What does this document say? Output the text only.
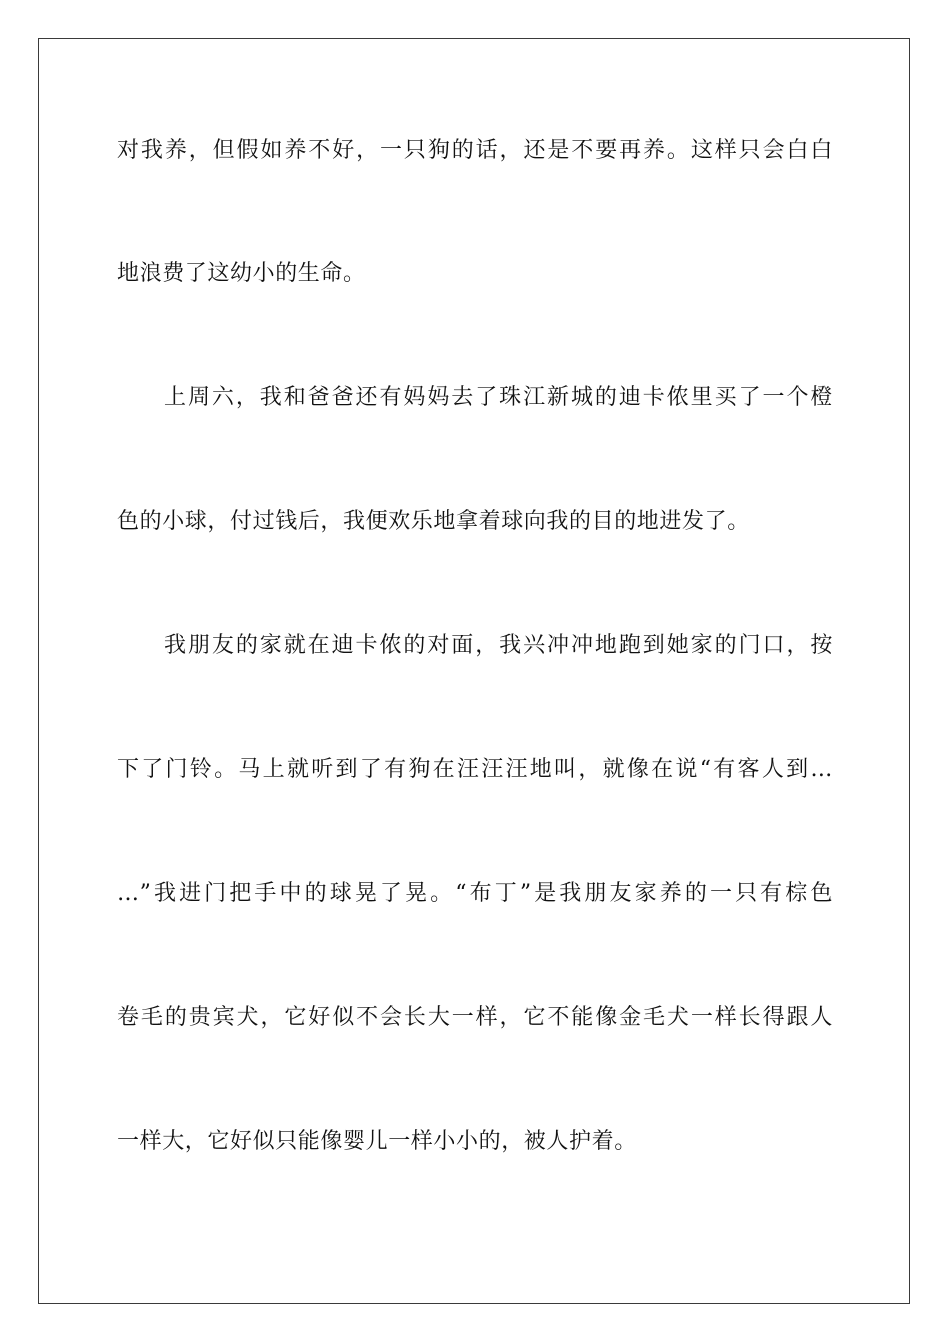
对我养，但假如养不好，一只狗的话，还是不要再养。这样只会白白
地浪费了这幼小的生命。
上周六，我和爸爸还有妈妈去了珠江新城的迪卡侬里买了一个橙
色的小球，付过钱后，我便欢乐地拿着球向我的目的地进发了。
我朋友的家就在迪卡侬的对面，我兴冲冲地跑到她家的门口，按
下了门铃。马上就听到了有狗在汪汪汪地叫，就像在说“有客人到…
…”我进门把手中的球晃了晃。“布丁”是我朋友家养的一只有棕色
卷毛的贵宾犬，它好似不会长大一样，它不能像金毛犬一样长得跟人
一样大，它好似只能像婴儿一样小小的，被人护着。
